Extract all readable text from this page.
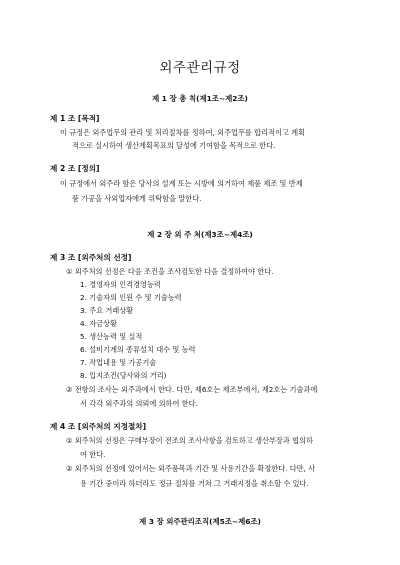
외주관리규정
제 1 장 총 칙(제1조~제2조)
제 1 조 [목적]
이 규정은 외주업무의 관리 및 처리절차를 정하여, 외주업무를 합리적이고 계획
적으로 실시하여 생산계획목표의 달성에 기여함을 목적으로 한다.
제 2 조 [정의]
이 규정에서 외주라 함은 당사의 설계 또는 시방에 의거하여 제품 제조 및 반제
품 가공을 사외업자에게 위탁함을 말한다.
제 2 장 외 주 처(제3조~제4조)
제 3 조 [외주처의 선정]
① 외주처의 선정은 다음 조건을 조사검토한 다음 결정하여야 한다.
1. 경영자의 인격경영능력
2. 기술자의 인원 수 및 기술능력
3. 주요 거래상황
4. 자금상황
5. 생산능력 및 실적
6. 설비기계의 종류설치 대수 및 능력
7. 작업내용 및 가공기술
8. 입지조건(당사와의 거리)
② 전항의 조사는 외주과에서 한다. 다만, 제6호는 제조부에서, 제2호는 기술과에
서 각각 외주과의 의뢰에 의하여 한다.
제 4 조 [외주처의 지정절차]
① 외주처의 선정은 구매부장이 전조의 조사사항을 검토하고 생산부장과 협의하
여 한다.
② 외주처의 선정에 있어서는 외주품목과 기간 및 사용기간을 확정한다. 다만, 사
용 기간 중이라 하더라도 정규 절차를 거쳐 그 거래지정을 취소할 수 있다.
제 3 장 외주관리조직(제5조~제6조)
